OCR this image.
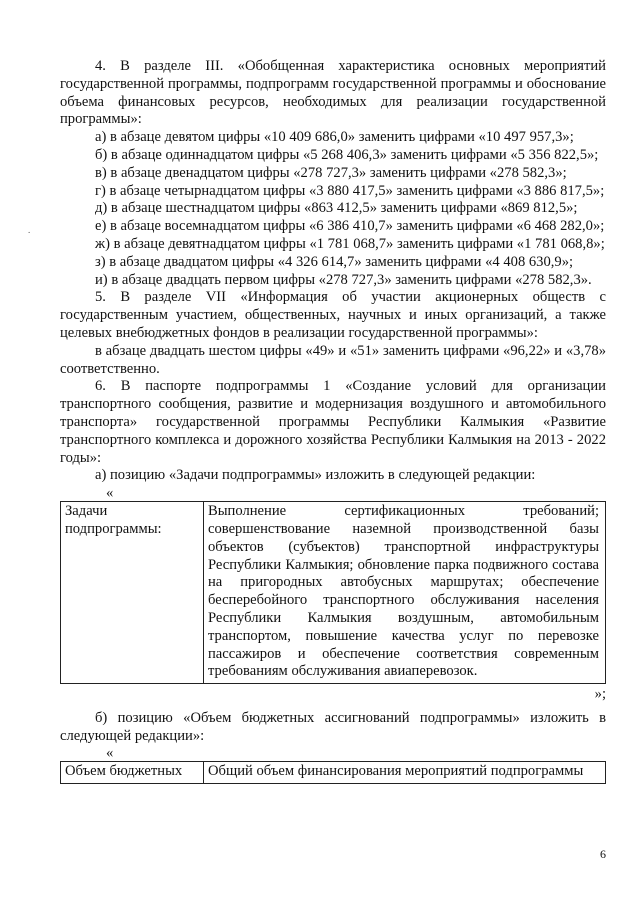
4. В разделе III. «Обобщенная характеристика основных мероприятий государственной программы, подпрограмм государственной программы и обоснование объема финансовых ресурсов, необходимых для реализации государственной программы»:

а) в абзаце девятом цифры «10 409 686,0» заменить цифрами «10 497 957,3»;

б) в абзаце одиннадцатом цифры «5 268 406,3» заменить цифрами «5 356 822,5»;

в) в абзаце двенадцатом цифры «278 727,3» заменить цифрами «278 582,3»;

г) в абзаце четырнадцатом цифры «3 880 417,5» заменить цифрами «3 886 817,5»;

д) в абзаце шестнадцатом цифры «863 412,5» заменить цифрами «869 812,5»;

е) в абзаце восемнадцатом цифры «6 386 410,7» заменить цифрами «6 468 282,0»;

ж) в абзаце девятнадцатом цифры «1 781 068,7» заменить цифрами «1 781 068,8»;

з) в абзаце двадцатом цифры «4 326 614,7» заменить цифрами «4 408 630,9»;

и) в абзаце двадцать первом цифры «278 727,3» заменить цифрами «278 582,3».

5. В разделе VII «Информация об участии акционерных обществ с государственным участием, общественных, научных и иных организаций, а также целевых внебюджетных фондов в реализации государственной программы»:

в абзаце двадцать шестом цифры «49» и «51» заменить цифрами «96,22» и «3,78» соответственно.

6. В паспорте подпрограммы 1 «Создание условий для организации транспортного сообщения, развитие и модернизация воздушного и автомобильного транспорта» государственной программы Республики Калмыкия «Развитие транспортного комплекса и дорожного хозяйства Республики Калмыкия на 2013 - 2022 годы»:

а) позицию «Задачи подпрограммы» изложить в следующей редакции:

«
Задачи подпрограммы:	Выполнение сертификационных требований; совершенствование наземной производственной базы объектов (субъектов) транспортной инфраструктуры Республики Калмыкия; обновление парка подвижного состава на пригородных автобусных маршрутах; обеспечение бесперебойного транспортного обслуживания населения Республики Калмыкия воздушным, автомобильным транспортом, повышение качества услуг по перевозке пассажиров и обеспечение соответствия современным требованиям обслуживания авиаперевозок.
»;

б) позицию «Объем бюджетных ассигнований подпрограммы» изложить в следующей редакции»:

«
Объем бюджетных	Общий объем финансирования мероприятий подпрограммы
.
6
